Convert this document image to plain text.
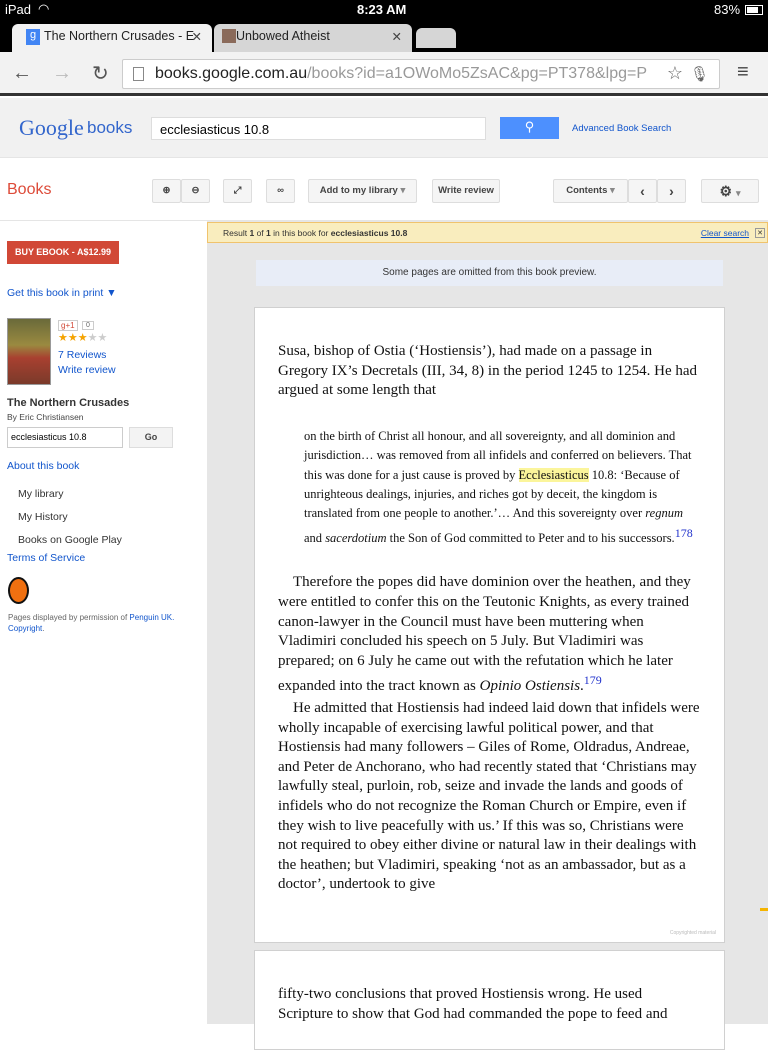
iPad ◠	8:23 AM	83%
g The Northern Crusades - E
✕	Unbowed Atheist	✕
← → ↻	books.google.com.au/books?id=a1OWoMo5ZsAC&pg=PT378&lpg=P ☆ 🎙 ≡
Google books	ecclesiasticus 10.8	⚲	Advanced Book Search
Books	⊕	⊖	⤢	∞	Add to my library ▾	Write review	Contents ▾	‹	›	⚙ ▾
BUY EBOOK - A$12.99
Get this book in print ▼
g+1	0
★★★★★
7 Reviews
Write review
The Northern Crusades
By Eric Christiansen
ecclesiasticus 10.8	Go
About this book
My library
My History
Books on Google Play
Terms of Service
Pages displayed by permission of Penguin UK. Copyright.
Result 1 of 1 in this book for ecclesiasticus 10.8	Clear search ✕
Some pages are omitted from this book preview.

Susa, bishop of Ostia (‘Hostiensis’), had made on a passage in Gregory IX’s Decretals (III, 34, 8) in the period 1245 to 1254. He had argued at some length that

on the birth of Christ all honour, and all sovereignty, and all dominion and jurisdiction… was removed from all infidels and conferred on believers. That this was done for a just cause is proved by Ecclesiasticus 10.8: ‘Because of unrighteous dealings, injuries, and riches got by deceit, the kingdom is translated from one people to another.’… And this sovereignty over regnum and sacerdotium the Son of God committed to Peter and to his successors.$^{178}$

Therefore the popes did have dominion over the heathen, and they were entitled to confer this on the Teutonic Knights, as every trained canon-lawyer in the Council must have been muttering when Vladimiri concluded his speech on 5 July. But Vladimiri was prepared; on 6 July he came out with the refutation which he later expanded into the tract known as Opinio Ostiensis.$^{179}$

He admitted that Hostiensis had indeed laid down that infidels were wholly incapable of exercising lawful political power, and that Hostiensis had many followers – Giles of Rome, Oldradus, Andreae, and Peter de Anchorano, who had recently stated that ‘Christians may lawfully steal, purloin, rob, seize and invade the lands and goods of infidels who do not recognize the Roman Church or Empire, even if they wish to live peacefully with us.’ If this was so, Christians were not required to obey either divine or natural law in their dealings with the heathen; but Vladimiri, speaking ‘not as an ambassador, but as a doctor’, undertook to give

Copyrighted material

fifty-two conclusions that proved Hostiensis wrong. He used Scripture to show that God had commanded the pope to feed and
